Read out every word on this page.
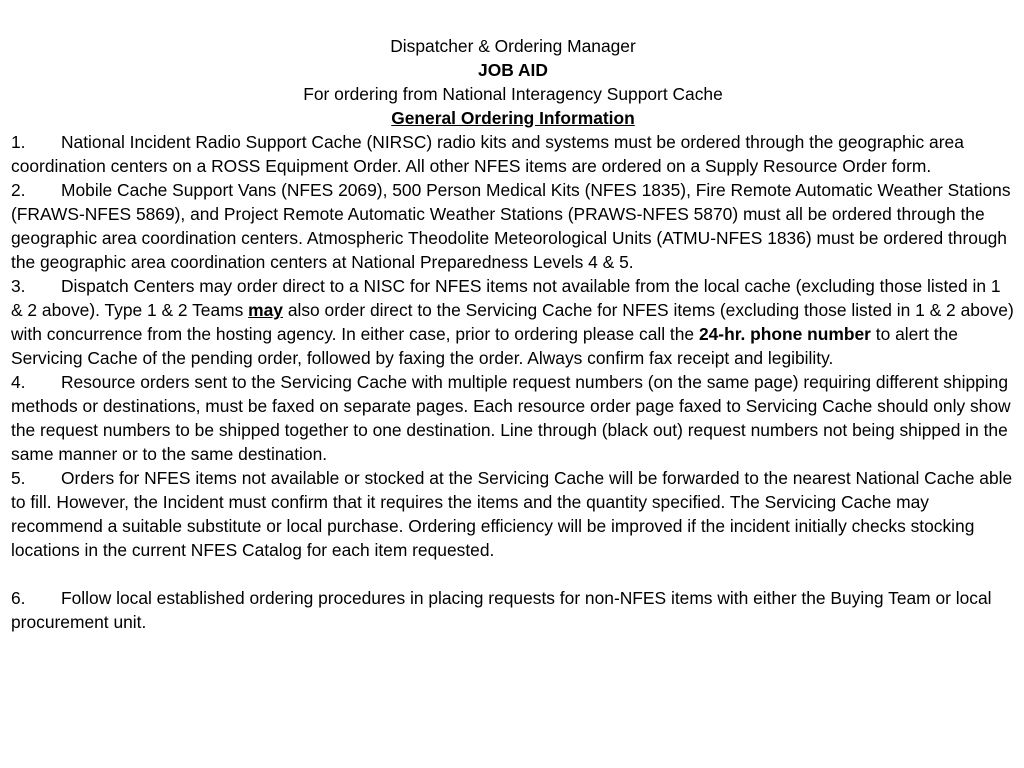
Dispatcher & Ordering Manager
JOB AID
For ordering from National Interagency Support Cache
General Ordering Information

1. National Incident Radio Support Cache (NIRSC) radio kits and systems must be ordered through the geographic area coordination centers on a ROSS Equipment Order. All other NFES items are ordered on a Supply Resource Order form.

2. Mobile Cache Support Vans (NFES 2069), 500 Person Medical Kits (NFES 1835), Fire Remote Automatic Weather Stations (FRAWS-NFES 5869), and Project Remote Automatic Weather Stations (PRAWS-NFES 5870) must all be ordered through the geographic area coordination centers. Atmospheric Theodolite Meteorological Units (ATMU-NFES 1836) must be ordered through the geographic area coordination centers at National Preparedness Levels 4 & 5.

3. Dispatch Centers may order direct to a NISC for NFES items not available from the local cache (excluding those listed in 1 & 2 above). Type 1 & 2 Teams may also order direct to the Servicing Cache for NFES items (excluding those listed in 1 & 2 above) with concurrence from the hosting agency. In either case, prior to ordering please call the 24-hr. phone number to alert the Servicing Cache of the pending order, followed by faxing the order. Always confirm fax receipt and legibility.

4. Resource orders sent to the Servicing Cache with multiple request numbers (on the same page) requiring different shipping methods or destinations, must be faxed on separate pages. Each resource order page faxed to Servicing Cache should only show the request numbers to be shipped together to one destination. Line through (black out) request numbers not being shipped in the same manner or to the same destination.

5. Orders for NFES items not available or stocked at the Servicing Cache will be forwarded to the nearest National Cache able to fill. However, the Incident must confirm that it requires the items and the quantity specified. The Servicing Cache may recommend a suitable substitute or local purchase. Ordering efficiency will be improved if the incident initially checks stocking locations in the current NFES Catalog for each item requested.

6. Follow local established ordering procedures in placing requests for non-NFES items with either the Buying Team or local procurement unit.
